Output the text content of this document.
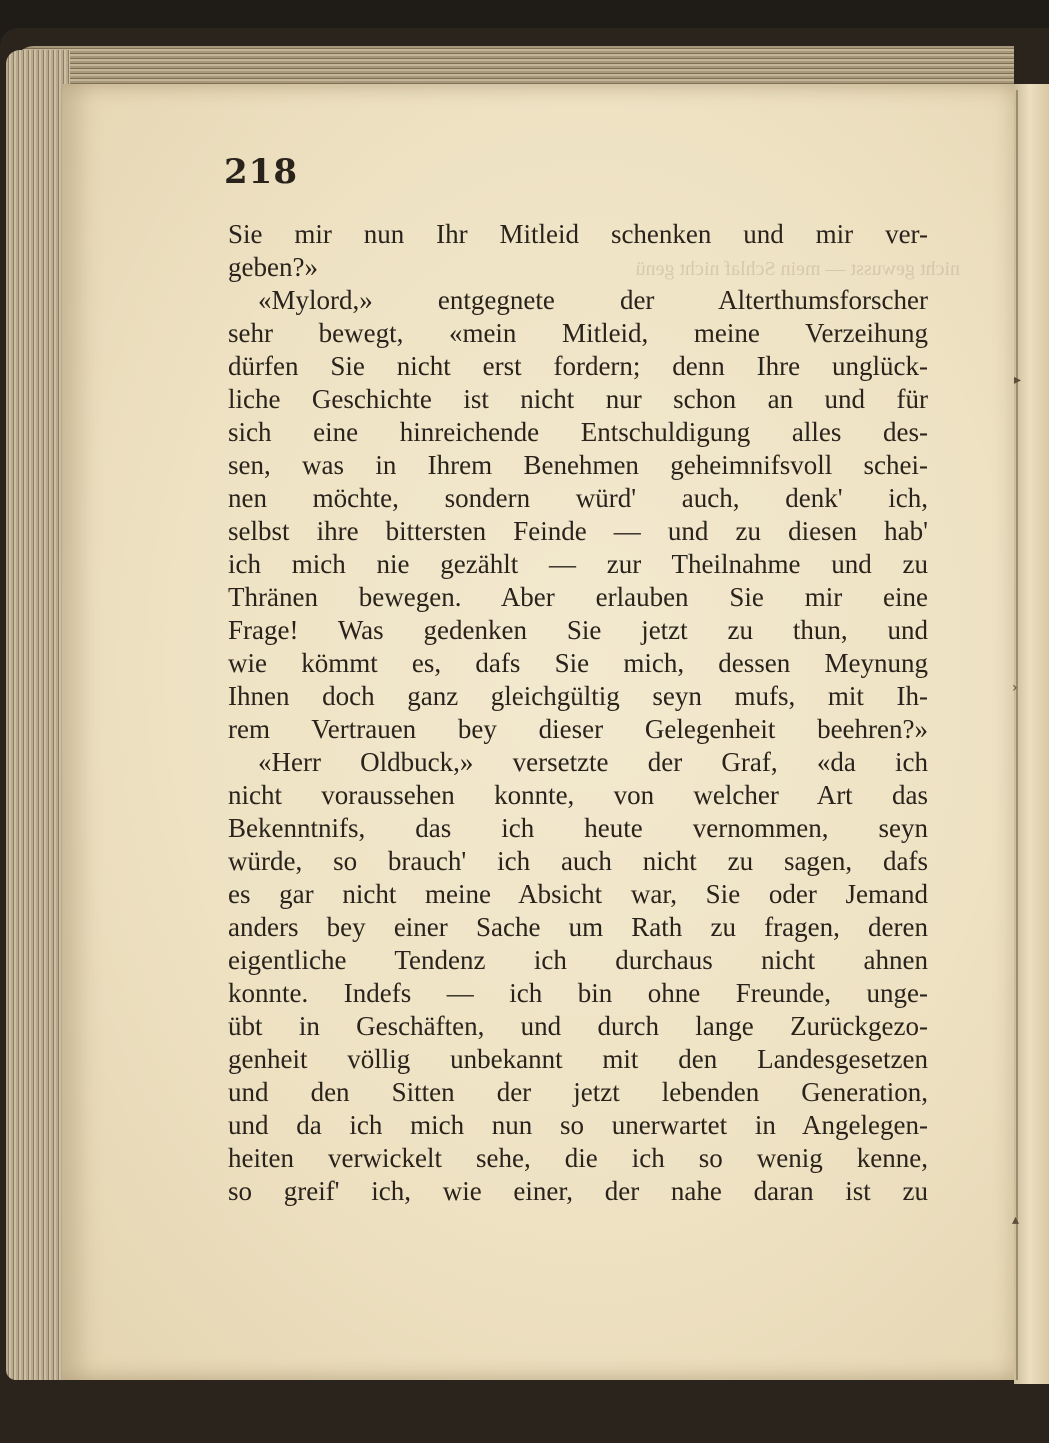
nicht gewusst — mein Schlaf nicht genü
218
Sie mir nun Ihr Mitleid schenken und mir ver-
geben?»
«Mylord,» entgegnete der Alterthumsforscher
sehr bewegt, «mein Mitleid, meine Verzeihung
dürfen Sie nicht erst fordern; denn Ihre unglück-
liche Geschichte ist nicht nur schon an und für
sich eine hinreichende Entschuldigung alles des-
sen, was in Ihrem Benehmen geheimnifsvoll schei-
nen möchte, sondern würd' auch, denk' ich,
selbst ihre bittersten Feinde — und zu diesen hab'
ich mich nie gezählt — zur Theilnahme und zu
Thränen bewegen. Aber erlauben Sie mir eine
Frage! Was gedenken Sie jetzt zu thun, und
wie kömmt es, dafs Sie mich, dessen Meynung
Ihnen doch ganz gleichgültig seyn mufs, mit Ih-
rem Vertrauen bey dieser Gelegenheit beehren?»
«Herr Oldbuck,» versetzte der Graf, «da ich
nicht voraussehen konnte, von welcher Art das
Bekenntnifs, das ich heute vernommen, seyn
würde, so brauch' ich auch nicht zu sagen, dafs
es gar nicht meine Absicht war, Sie oder Jemand
anders bey einer Sache um Rath zu fragen, deren
eigentliche Tendenz ich durchaus nicht ahnen
konnte. Indefs — ich bin ohne Freunde, unge-
übt in Geschäften, und durch lange Zurückgezo-
genheit völlig unbekannt mit den Landesgesetzen
und den Sitten der jetzt lebenden Generation,
und da ich mich nun so unerwartet in Angelegen-
heiten verwickelt sehe, die ich so wenig kenne,
so greif' ich, wie einer, der nahe daran ist zu
▸
›
▴
